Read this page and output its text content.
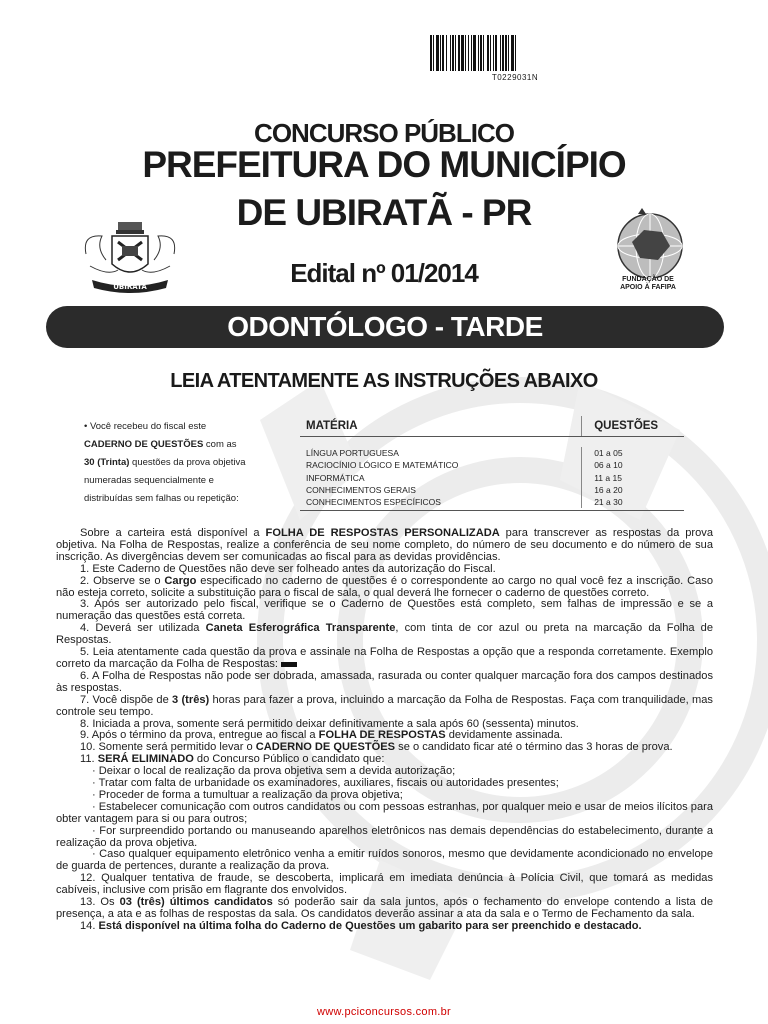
T0229031N
CONCURSO PÚBLICO
PREFEITURA DO MUNICÍPIO
DE UBIRATÃ - PR
Edital nº 01/2014
UBIRATÃ
FUNDAÇÃO DE
APOIO À FAFIPA
ODONTÓLOGO - TARDE
LEIA ATENTAMENTE AS INSTRUÇÕES ABAIXO
• Você recebeu do fiscal este
CADERNO DE QUESTÕES com as
30 (Trinta) questões da prova objetiva
numeradas sequencialmente e
distribuídas sem falhas ou repetição:
MATÉRIA	QUESTÕES
LÍNGUA PORTUGUESA	01 a 05
RACIOCÍNIO LÓGICO E MATEMÁTICO	06 a 10
INFORMÁTICA	11 a 15
CONHECIMENTOS GERAIS	16 a 20
CONHECIMENTOS ESPECÍFICOS	21 a 30

Sobre a carteira está disponível a FOLHA DE RESPOSTAS PERSONALIZADA para transcrever as respostas da prova objetiva. Na Folha de Respostas, realize a conferência de seu nome completo, do número de seu documento e do número de sua inscrição. As divergências devem ser comunicadas ao fiscal para as devidas providências.

1. Este Caderno de Questões não deve ser folheado antes da autorização do Fiscal.

2. Observe se o Cargo especificado no caderno de questões é o correspondente ao cargo no qual você fez a inscrição. Caso não esteja correto, solicite a substituição para o fiscal de sala, o qual deverá lhe fornecer o caderno de questões correto.

3. Após ser autorizado pelo fiscal, verifique se o Caderno de Questões está completo, sem falhas de impressão e se a numeração das questões está correta.

4. Deverá ser utilizada Caneta Esferográfica Transparente, com tinta de cor azul ou preta na marcação da Folha de Respostas.

5. Leia atentamente cada questão da prova e assinale na Folha de Respostas a opção que a responda corretamente. Exemplo correto da marcação da Folha de Respostas:

6. A Folha de Respostas não pode ser dobrada, amassada, rasurada ou conter qualquer marcação fora dos campos destinados às respostas.

7. Você dispõe de 3 (três) horas para fazer a prova, incluindo a marcação da Folha de Respostas. Faça com tranquilidade, mas controle seu tempo.

8. Iniciada a prova, somente será permitido deixar definitivamente a sala após 60 (sessenta) minutos.

9. Após o término da prova, entregue ao fiscal a FOLHA DE RESPOSTAS devidamente assinada.

10. Somente será permitido levar o CADERNO DE QUESTÕES se o candidato ficar até o término das 3 horas de prova.

11. SERÁ ELIMINADO do Concurso Público o candidato que:

· Deixar o local de realização da prova objetiva sem a devida autorização;

· Tratar com falta de urbanidade os examinadores, auxiliares, fiscais ou autoridades presentes;

· Proceder de forma a tumultuar a realização da prova objetiva;

· Estabelecer comunicação com outros candidatos ou com pessoas estranhas, por qualquer meio e usar de meios ilícitos para obter vantagem para si ou para outros;

· For surpreendido portando ou manuseando aparelhos eletrônicos nas demais dependências do estabelecimento, durante a realização da prova objetiva.

· Caso qualquer equipamento eletrônico venha a emitir ruídos sonoros, mesmo que devidamente acondicionado no envelope de guarda de pertences, durante a realização da prova.

12. Qualquer tentativa de fraude, se descoberta, implicará em imediata denúncia à Polícia Civil, que tomará as medidas cabíveis, inclusive com prisão em flagrante dos envolvidos.

13. Os 03 (três) últimos candidatos só poderão sair da sala juntos, após o fechamento do envelope contendo a lista de presença, a ata e as folhas de respostas da sala. Os candidatos deverão assinar a ata da sala e o Termo de Fechamento da sala.

14. Está disponível na última folha do Caderno de Questões um gabarito para ser preenchido e destacado.

www.pciconcursos.com.br
